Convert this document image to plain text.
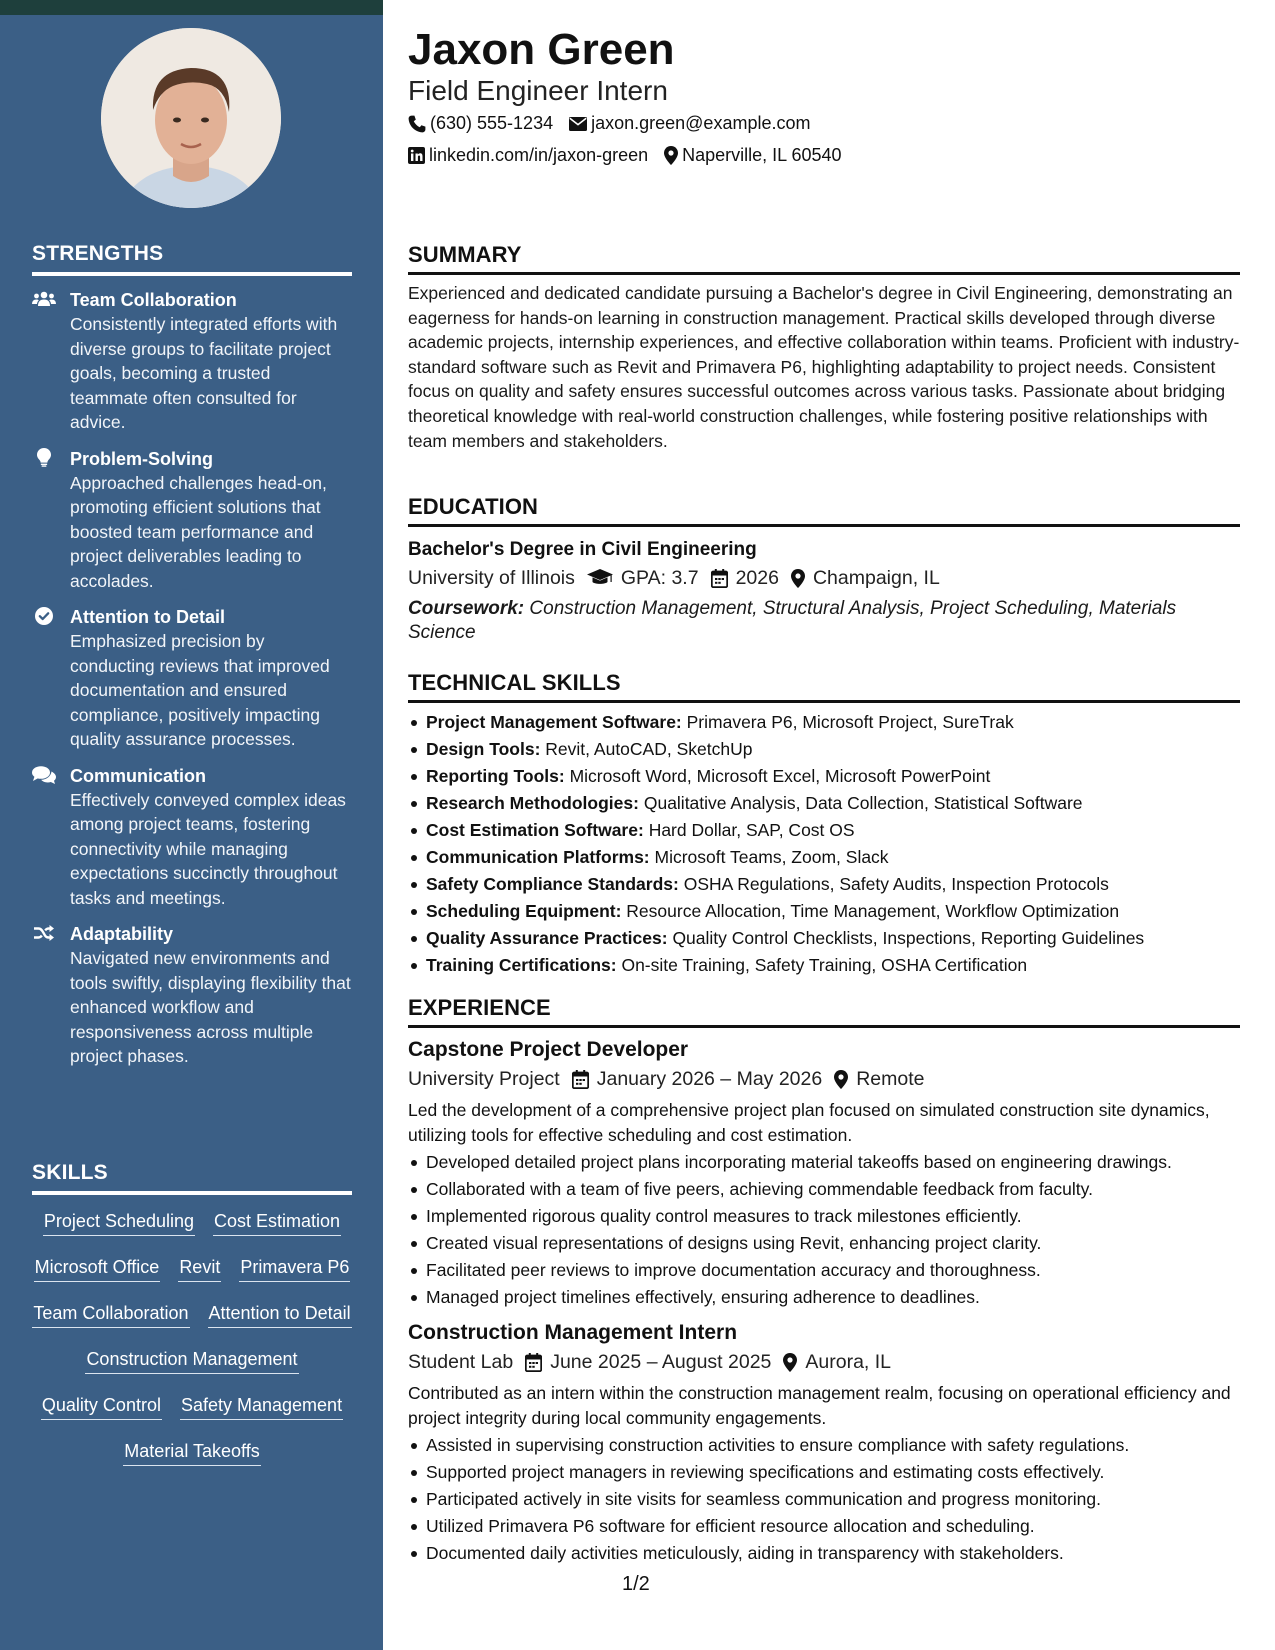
STRENGTHS
Team Collaboration
Consistently integrated efforts with diverse groups to facilitate project goals, becoming a trusted teammate often consulted for advice.
Problem-Solving
Approached challenges head-on, promoting efficient solutions that boosted team performance and project deliverables leading to accolades.
Attention to Detail
Emphasized precision by conducting reviews that improved documentation and ensured compliance, positively impacting quality assurance processes.
Communication
Effectively conveyed complex ideas among project teams, fostering connectivity while managing expectations succinctly throughout tasks and meetings.
Adaptability
Navigated new environments and tools swiftly, displaying flexibility that enhanced workflow and responsiveness across multiple project phases.
SKILLS
Project Scheduling Cost Estimation
Microsoft Office Revit Primavera P6
Team Collaboration Attention to Detail
Construction Management
Quality Control Safety Management
Material Takeoffs
Jaxon Green
Field Engineer Intern
(630) 555-1234 jaxon.green@example.com
linkedin.com/in/jaxon-green Naperville, IL 60540
SUMMARY
Experienced and dedicated candidate pursuing a Bachelor's degree in Civil Engineering, demonstrating an eagerness for hands-on learning in construction management. Practical skills developed through diverse academic projects, internship experiences, and effective collaboration within teams. Proficient with industry-standard software such as Revit and Primavera P6, highlighting adaptability to project needs. Consistent focus on quality and safety ensures successful outcomes across various tasks. Passionate about bridging theoretical knowledge with real-world construction challenges, while fostering positive relationships with team members and stakeholders.
EDUCATION
Bachelor's Degree in Civil Engineering
University of Illinois GPA: 3.7 2026 Champaign, IL
Coursework: Construction Management, Structural Analysis, Project Scheduling, Materials Science
TECHNICAL SKILLS
Project Management Software: Primavera P6, Microsoft Project, SureTrak
Design Tools: Revit, AutoCAD, SketchUp
Reporting Tools: Microsoft Word, Microsoft Excel, Microsoft PowerPoint
Research Methodologies: Qualitative Analysis, Data Collection, Statistical Software
Cost Estimation Software: Hard Dollar, SAP, Cost OS
Communication Platforms: Microsoft Teams, Zoom, Slack
Safety Compliance Standards: OSHA Regulations, Safety Audits, Inspection Protocols
Scheduling Equipment: Resource Allocation, Time Management, Workflow Optimization
Quality Assurance Practices: Quality Control Checklists, Inspections, Reporting Guidelines
Training Certifications: On-site Training, Safety Training, OSHA Certification
EXPERIENCE
Capstone Project Developer
University Project January 2026 – May 2026 Remote
Led the development of a comprehensive project plan focused on simulated construction site dynamics, utilizing tools for effective scheduling and cost estimation.
Developed detailed project plans incorporating material takeoffs based on engineering drawings.
Collaborated with a team of five peers, achieving commendable feedback from faculty.
Implemented rigorous quality control measures to track milestones efficiently.
Created visual representations of designs using Revit, enhancing project clarity.
Facilitated peer reviews to improve documentation accuracy and thoroughness.
Managed project timelines effectively, ensuring adherence to deadlines.
Construction Management Intern
Student Lab June 2025 – August 2025 Aurora, IL
Contributed as an intern within the construction management realm, focusing on operational efficiency and project integrity during local community engagements.
Assisted in supervising construction activities to ensure compliance with safety regulations.
Supported project managers in reviewing specifications and estimating costs effectively.
Participated actively in site visits for seamless communication and progress monitoring.
Utilized Primavera P6 software for efficient resource allocation and scheduling.
Documented daily activities meticulously, aiding in transparency with stakeholders.
1/2
